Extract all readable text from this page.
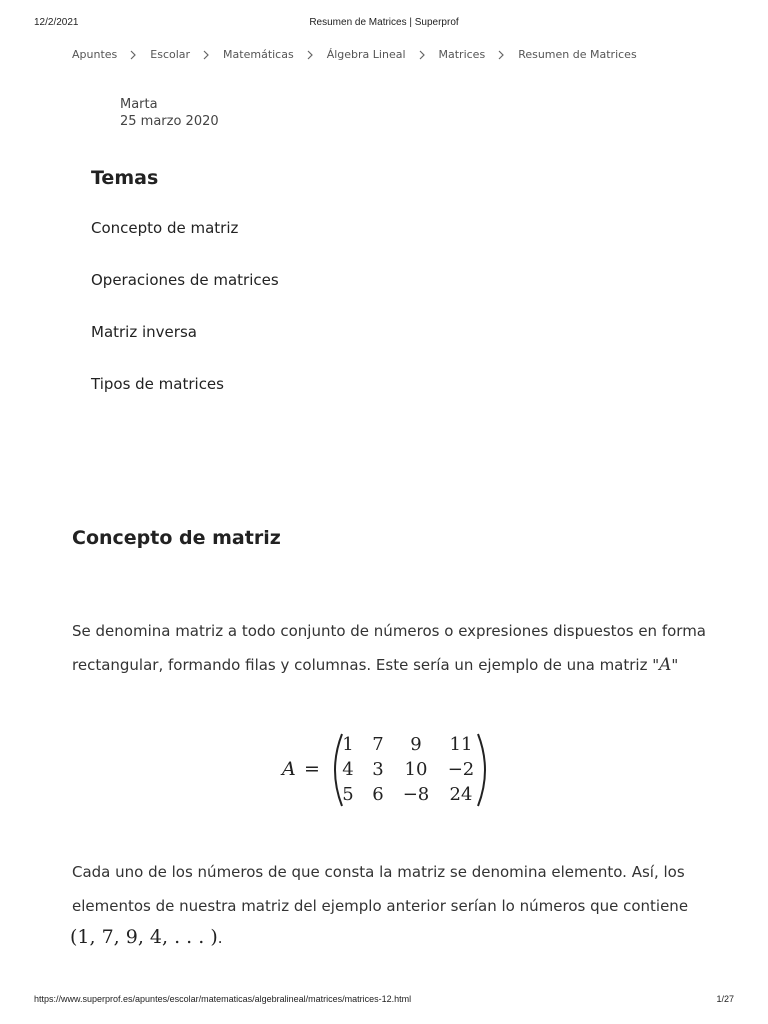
12/2/2021	Resumen de Matrices | Superprof
Apuntes	Escolar	Matemáticas	Álgebra Lineal	Matrices	Resumen de Matrices
Marta
25 marzo 2020
Temas
Concepto de matriz
Operaciones de matrices
Matriz inversa
Tipos de matrices
Concepto de matriz

Se denomina matriz a todo conjunto de números o expresiones dispuestos en forma rectangular, formando filas y columnas. Este sería un ejemplo de una matriz "A"

A =
1 7 9 11
4 3 10 −2
5 6 −8 24

Cada uno de los números de que consta la matriz se denomina elemento. Así, los elementos de nuestra matriz del ejemplo anterior serían lo números que contiene

(1, 7, 9, 4, . . . ).
https://www.superprof.es/apuntes/escolar/matematicas/algebralineal/matrices/matrices-12.html	1/27
